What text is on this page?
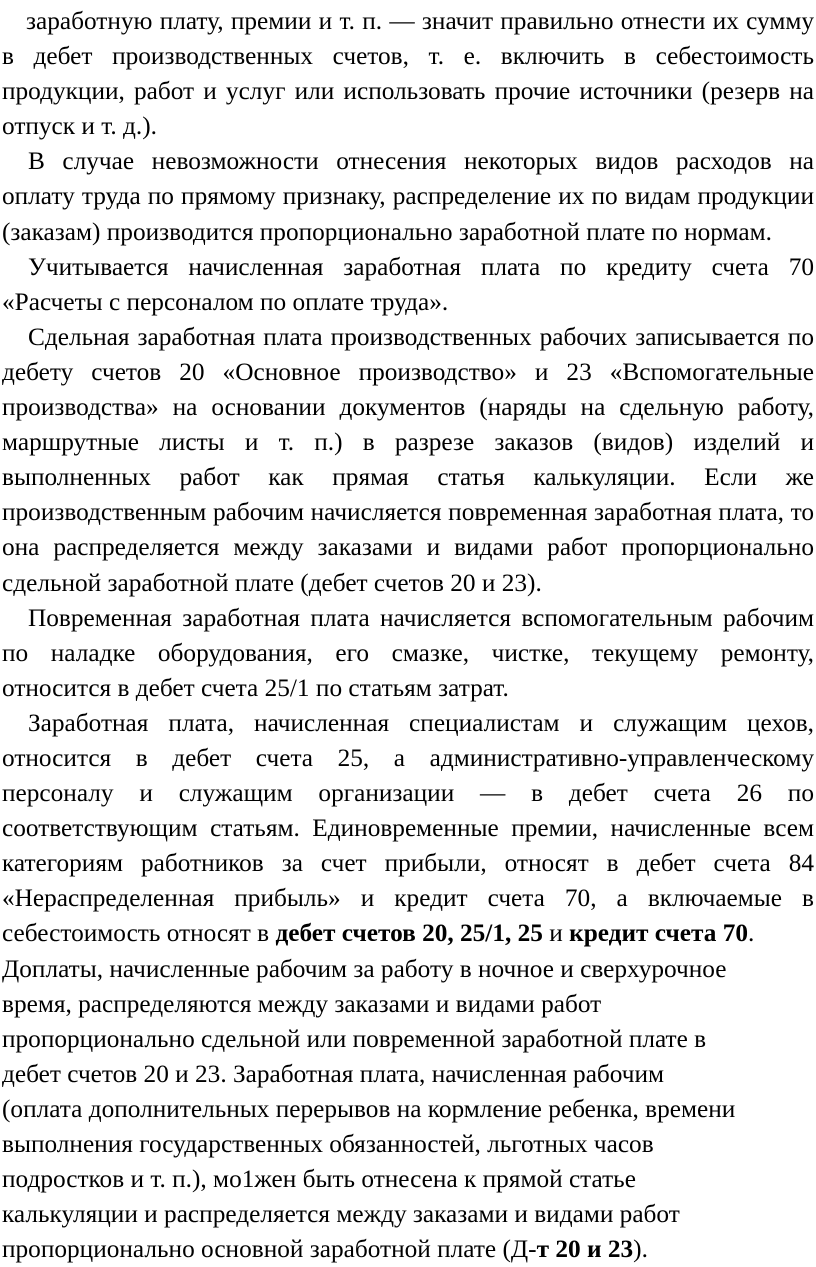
заработную плату, премии и т. п. — значит правильно отнести их сумму в дебет производственных счетов, т. е. включить в себестоимость продукции, работ и услуг или использовать прочие источники (резерв на отпуск и т. д.).

В случае невозможности отнесения некоторых видов расходов на оплату труда по прямому признаку, распределение их по видам продукции (заказам) производится пропорционально заработной плате по нормам.

Учитывается начисленная заработная плата по кредиту счета 70 «Расчеты с персоналом по оплате труда».

Сдельная заработная плата производственных рабочих записывается по дебету счетов 20 «Основное производство» и 23 «Вспомогательные производства» на основании документов (наряды на сдельную работу, маршрутные листы и т. п.) в разрезе заказов (видов) изделий и выполненных работ как прямая статья калькуляции. Если же производственным рабочим начисляется повременная заработная плата, то она распределяется между заказами и видами работ пропорционально сдельной заработной плате (дебет счетов 20 и 23).

Повременная заработная плата начисляется вспомогательным рабочим по наладке оборудования, его смазке, чистке, текущему ремонту, относится в дебет счета 25/1 по статьям затрат.

Заработная плата, начисленная специалистам и служащим цехов, относится в дебет счета 25, а административно-управленческому персоналу и служащим организации — в дебет счета 26 по соответствующим статьям. Единовременные премии, начисленные всем категориям работников за счет прибыли, относят в дебет счета 84 «Нераспределенная прибыль» и кредит счета 70, а включаемые в себестоимость относят в дебет счетов 20, 25/1, 25 и кредит счета 70.

Доплаты, начисленные рабочим за работу в ночное и сверхурочное
время, распределяются между заказами и видами работ
пропорционально сдельной или повременной заработной плате в
дебет счетов 20 и 23. Заработная плата, начисленная рабочим
(оплата дополнительных перерывов на кормление ребенка, времени
выполнения государственных обязанностей, льготных часов
подростков и т. п.), мо1жен быть отнесена к прямой статье
калькуляции и распределяется между заказами и видами работ
пропорционально основной заработной плате (Д-т 20 и 23).
